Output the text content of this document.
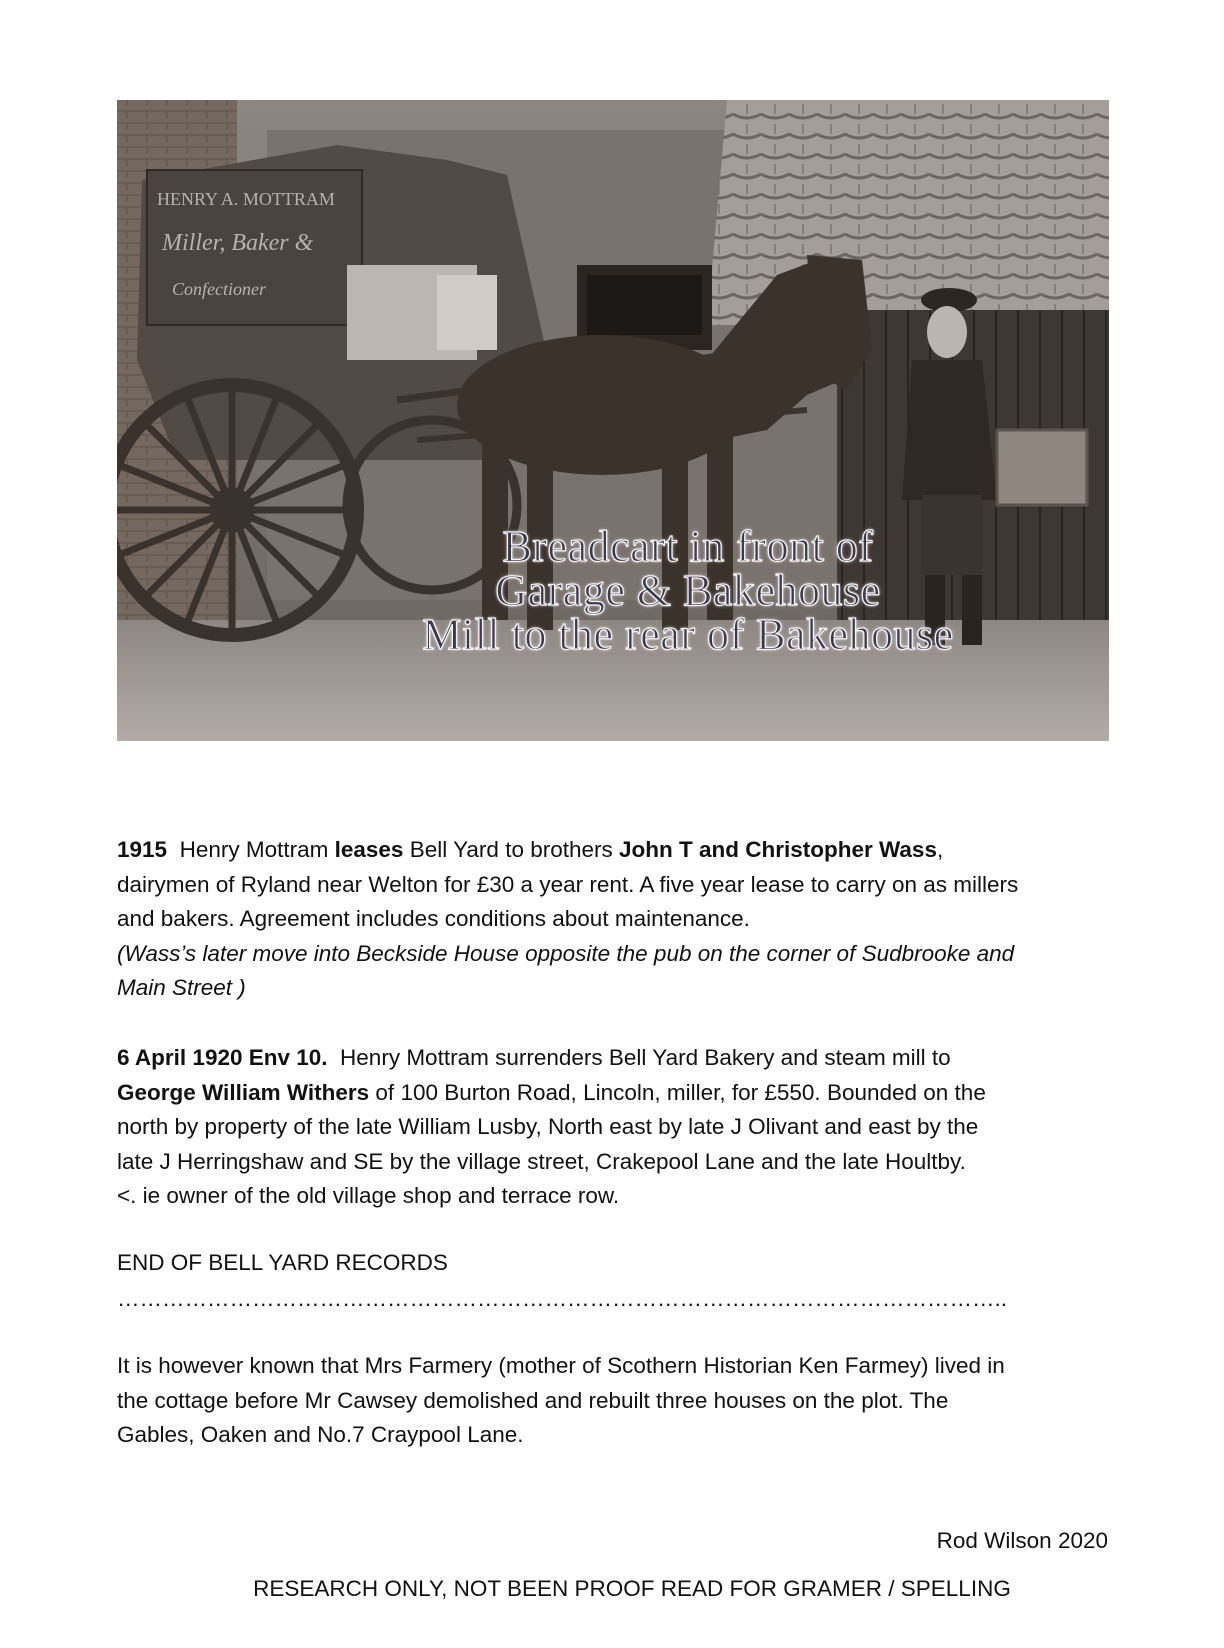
HENRY A. MOTTRAM
Miller, Baker &
Confectioner
Breadcart in front of
Garage & Bakehouse
Mill to the rear of Bakehouse
1915 Henry Mottram leases Bell Yard to brothers John T and Christopher Wass,
dairymen of Ryland near Welton for £30 a year rent. A five year lease to carry on as millers
and bakers. Agreement includes conditions about maintenance.
(Wass’s later move into Beckside House opposite the pub on the corner of Sudbrooke and
Main Street )
6 April 1920 Env 10. Henry Mottram surrenders Bell Yard Bakery and steam mill to
George William Withers of 100 Burton Road, Lincoln, miller, for £550. Bounded on the
north by property of the late William Lusby, North east by late J Olivant and east by the
late J Herringshaw and SE by the village street, Crakepool Lane and the late Houltby.
<. ie owner of the old village shop and terrace row.
END OF BELL YARD RECORDS
………………………………………………………………………………………………………..
It is however known that Mrs Farmery (mother of Scothern Historian Ken Farmey) lived in
the cottage before Mr Cawsey demolished and rebuilt three houses on the plot. The
Gables, Oaken and No.7 Craypool Lane.
Rod Wilson 2020
RESEARCH ONLY, NOT BEEN PROOF READ FOR GRAMER / SPELLING
